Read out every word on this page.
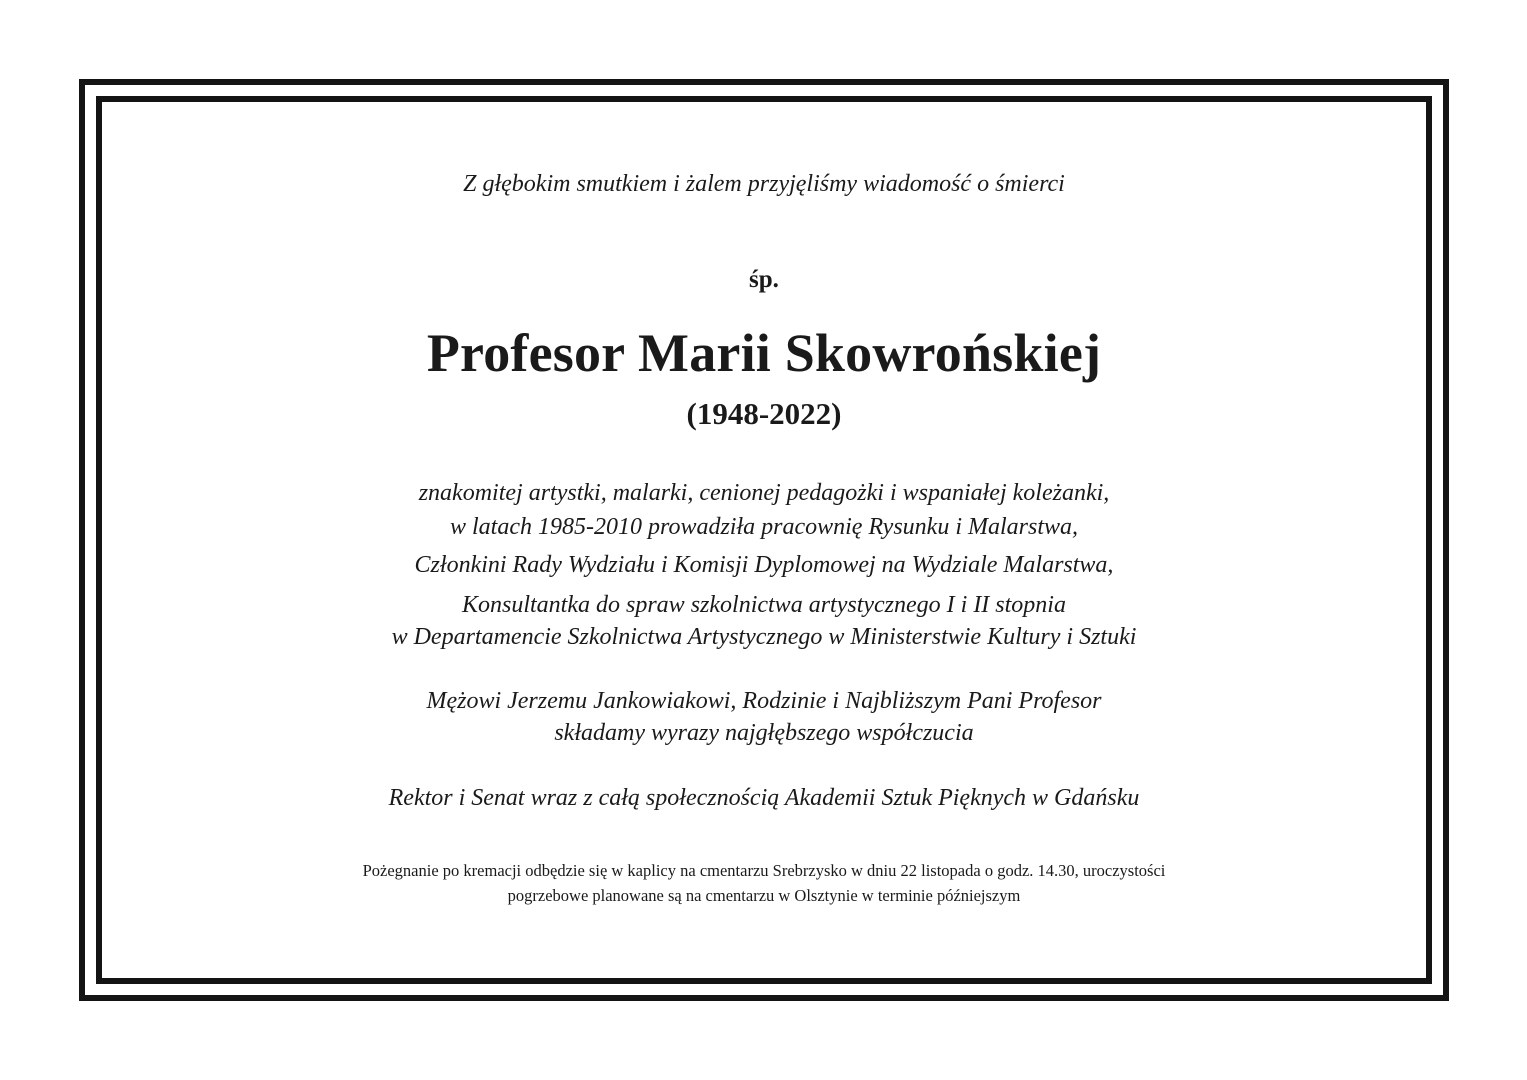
Z głębokim smutkiem i żalem przyjęliśmy wiadomość o śmierci
śp.
Profesor Marii Skowrońskiej
(1948-2022)
znakomitej artystki, malarki, cenionej pedagożki i wspaniałej koleżanki,
w latach 1985-2010 prowadziła pracownię Rysunku i Malarstwa,
Członkini Rady Wydziału i Komisji Dyplomowej na Wydziale Malarstwa,
Konsultantka do spraw szkolnictwa artystycznego I i II stopnia
w Departamencie Szkolnictwa Artystycznego w Ministerstwie Kultury i Sztuki
Mężowi Jerzemu Jankowiakowi, Rodzinie i Najbliższym Pani Profesor
składamy wyrazy najgłębszego współczucia
Rektor i Senat wraz z całą społecznością Akademii Sztuk Pięknych w Gdańsku
Pożegnanie po kremacji odbędzie się w kaplicy na cmentarzu Srebrzysko w dniu 22 listopada o godz. 14.30, uroczystości
pogrzebowe planowane są na cmentarzu w Olsztynie w terminie późniejszym
